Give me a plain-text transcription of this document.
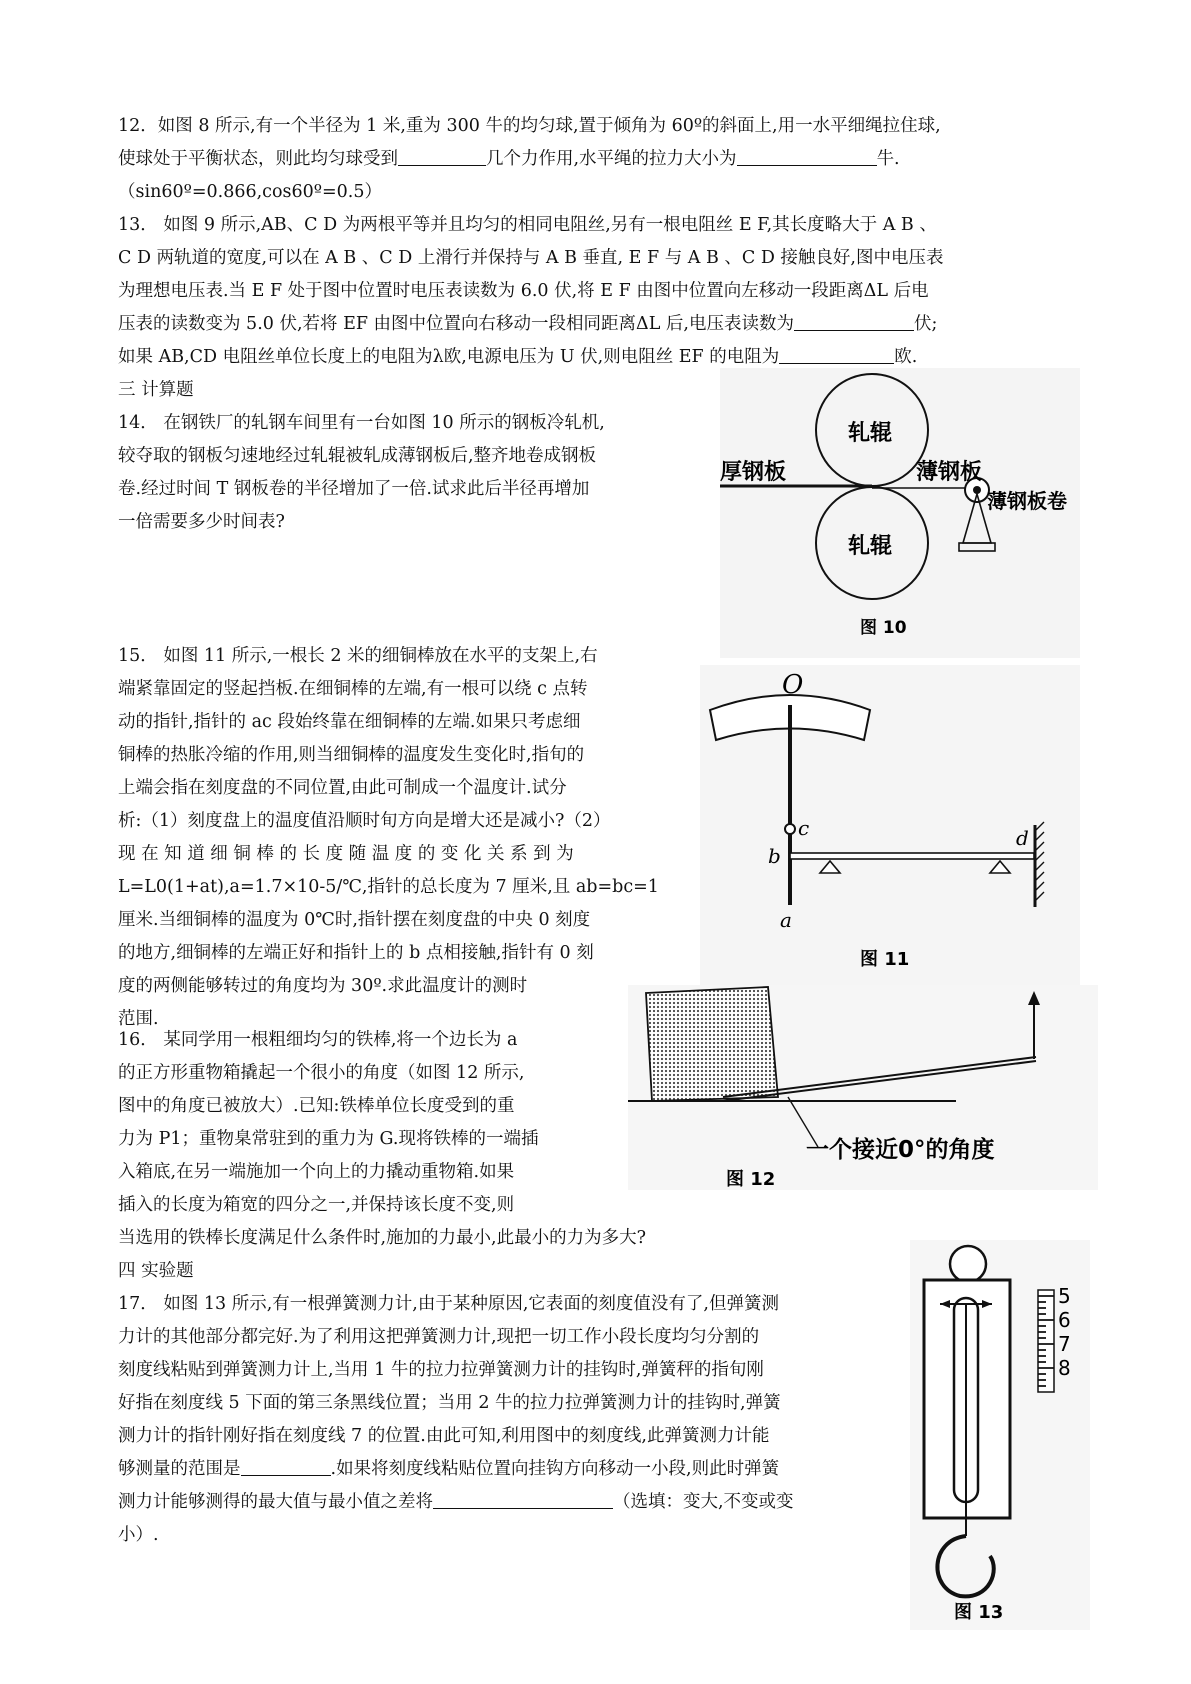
12．如图 8 所示,有一个半径为 1 米,重为 300 牛的均匀球,置于倾角为 60º的斜面上,用一水平细绳拉住球,

使球处于平衡状态，则此均匀球受到	几个力作用,水平绳的拉力大小为	牛.

（sin60º=0.866,cos60º=0.5）

13． 如图 9 所示,AB、C D 为两根平等并且均匀的相同电阻丝,另有一根电阻丝 E F,其长度略大于 A B 、

C D 两轨道的宽度,可以在 A B 、C D 上滑行并保持与 A B 垂直, E F 与 A B 、C D 接触良好,图中电压表

为理想电压表.当 E F 处于图中位置时电压表读数为 6.0 伏,将 E F 由图中位置向左移动一段距离ΔL 后电

压表的读数变为 5.0 伏,若将 EF 由图中位置向右移动一段相同距离ΔL 后,电压表读数为	伏;

如果 AB,CD 电阻丝单位长度上的电阻为λ欧,电源电压为 U 伏,则电阻丝 EF 的电阻为	欧.

三 计算题

14． 在钢铁厂的轧钢车间里有一台如图 10 所示的钢板冷轧机,

较夺取的钢板匀速地经过轧辊被轧成薄钢板后,整齐地卷成钢板

卷.经过时间 T 钢板卷的半径增加了一倍.试求此后半径再增加

一倍需要多少时间表?

轧辊
轧辊
厚钢板	薄钢板
薄钢板卷
图 10

15． 如图 11 所示,一根长 2 米的细铜棒放在水平的支架上,右

端紧靠固定的竖起挡板.在细铜棒的左端,有一根可以绕 c 点转

动的指针,指针的 ac 段始终靠在细铜棒的左端.如果只考虑细

铜棒的热胀冷缩的作用,则当细铜棒的温度发生变化时,指旬的

上端会指在刻度盘的不同位置,由此可制成一个温度计.试分

析:（1）刻度盘上的温度值沿顺时旬方向是增大还是减小?（2）

现 在 知 道 细 铜 棒 的 长 度 随 温 度 的 变 化 关 系 到 为

L=L0(1+at),a=1.7×10-5/℃,指针的总长度为 7 厘米,且 ab=bc=1

厘米.当细铜棒的温度为 0℃时,指针摆在刻度盘的中央 0 刻度

的地方,细铜棒的左端正好和指针上的 b 点相接触,指针有 0 刻

度的两侧能够转过的角度均为 30º.求此温度计的测时

范围.

O
c
b
a
d
图 11

16． 某同学用一根粗细均匀的铁棒,将一个边长为 a

的正方形重物箱撬起一个很小的角度（如图 12 所示,

图中的角度已被放大）.已知:铁棒单位长度受到的重

力为 P1；重物臬常驻到的重力为 G.现将铁棒的一端插

入箱底,在另一端施加一个向上的力撬动重物箱.如果

插入的长度为箱宽的四分之一,并保持该长度不变,则

当选用的铁棒长度满足什么条件时,施加的力最小,此最小的力为多大?

四 实验题

17． 如图 13 所示,有一根弹簧测力计,由于某种原因,它表面的刻度值没有了,但弹簧测

力计的其他部分都完好.为了利用这把弹簧测力计,现把一切工作小段长度均匀分割的

刻度线粘贴到弹簧测力计上,当用 1 牛的拉力拉弹簧测力计的挂钩时,弹簧秤的指旬刚

好指在刻度线 5 下面的第三条黑线位置；当用 2 牛的拉力拉弹簧测力计的挂钩时,弹簧

测力计的指针刚好指在刻度线 7 的位置.由此可知,利用图中的刻度线,此弹簧测力计能

够测量的范围是	.如果将刻度线粘贴位置向挂钩方向移动一小段,则此时弹簧

测力计能够测得的最大值与最小值之差将	（选填：变大,不变或变

小）.

一个接近0°的角度
图 12
5
6
7
8
图 13
